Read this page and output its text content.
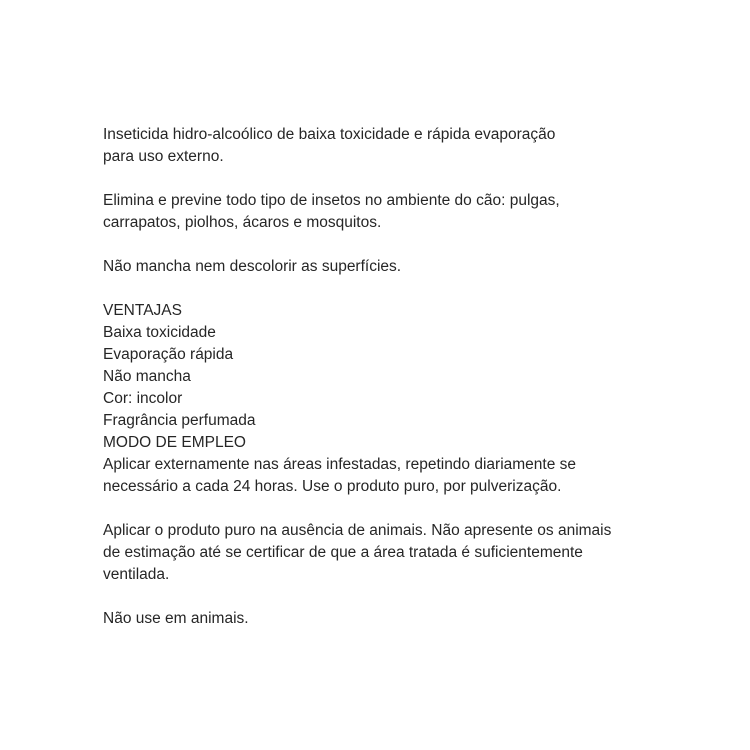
Inseticida hidro-alcoólico de baixa toxicidade e rápida evaporação
para uso externo.
Elimina e previne todo tipo de insetos no ambiente do cão: pulgas,
carrapatos, piolhos, ácaros e mosquitos.
Não mancha nem descolorir as superfícies.
VENTAJAS
Baixa toxicidade
Evaporação rápida
Não mancha
Cor: incolor
Fragrância perfumada
MODO DE EMPLEO
Aplicar externamente nas áreas infestadas, repetindo diariamente se
necessário a cada 24 horas. Use o produto puro, por pulverização.
Aplicar o produto puro na ausência de animais. Não apresente os animais
de estimação até se certificar de que a área tratada é suficientemente
ventilada.
Não use em animais.
